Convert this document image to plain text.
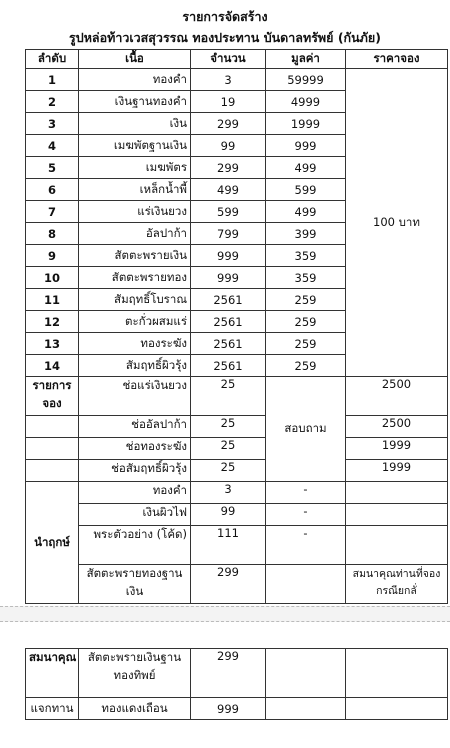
รายการจัดสร้าง
รูปหล่อท้าวเวสสุวรรณ ทองประทาน บันดาลทรัพย์ (กันภัย)
ลำดับ	เนื้อ	จำนวน	มูลค่า	ราคาจอง
1	ทองคำ	3	59999	100 บาท
2	เงินฐานทองคำ	19	4999	
3	เงิน	299	1999	
4	เมฆพัตฐานเงิน	99	999	
5	เมฆพัตร	299	499	
6	เหล็กน้ำพี้	499	599	
7	แร่เงินยวง	599	499	
8	อัลปาก้า	799	399	
9	สัตตะพรายเงิน	999	359	
10	สัตตะพรายทอง	999	359	
11	สัมฤทธิ์โบราณ	2561	259	
12	ตะกั่วผสมแร่	2561	259	
13	ทองระฆัง	2561	259	
14	สัมฤทธิ์ผิวรุ้ง	2561	259	
รายการจอง	ช่อแร่เงินยวง	25	สอบถาม	2500
	ช่ออัลปาก้า	25		2500
	ช่อทองระฆัง	25		1999
	ช่อสัมฤทธิ์ผิวรุ้ง	25		1999
นำฤกษ์	ทองคำ	3	-	
	เงินผิวไฟ	99	-	
	พระตัวอย่าง (โค้ด)	111	-	
	สัตตะพรายทองฐานเงิน	299		สมนาคุณท่านที่จองกรณียกลั่
สมนาคุณ	สัตตะพรายเงินฐานทองทิพย์	299		
แจกทาน	ทองแดงเถือน	999		
